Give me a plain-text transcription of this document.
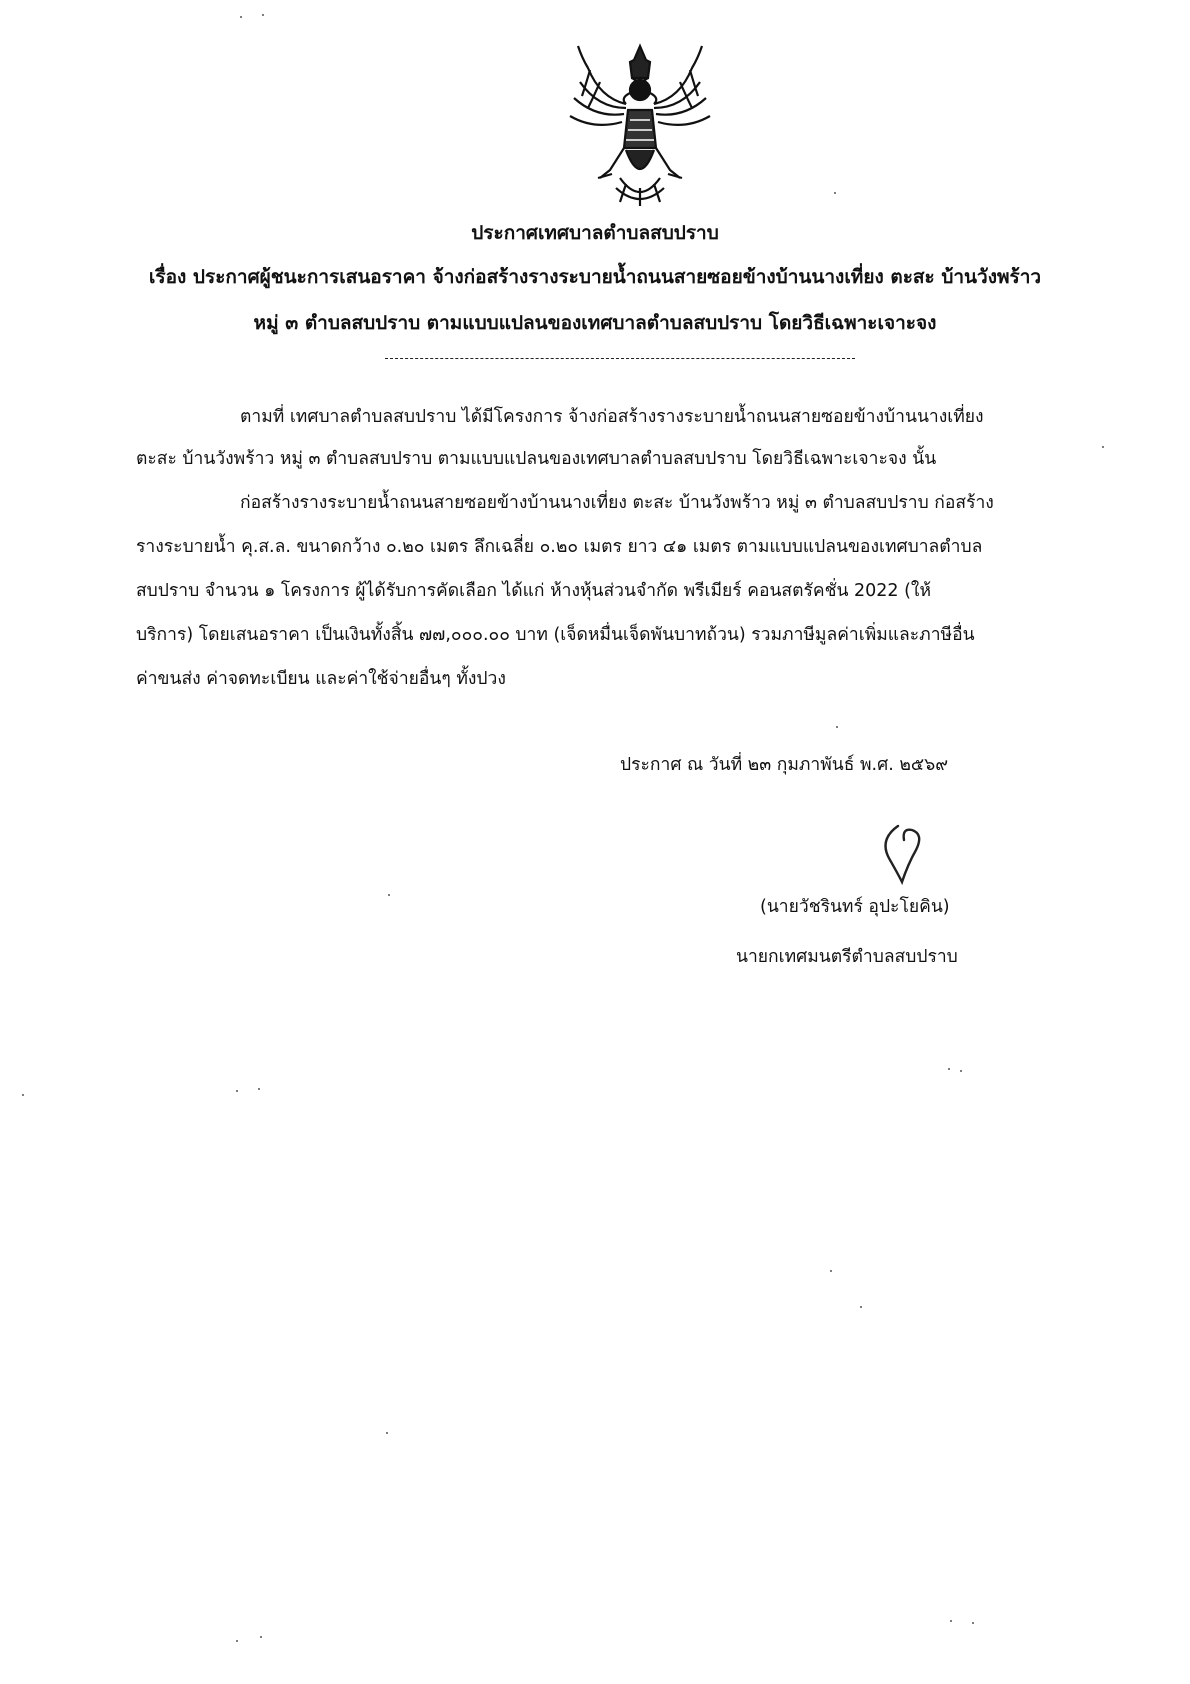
ประกาศเทศบาลตำบลสบปราบ
เรื่อง ประกาศผู้ชนะการเสนอราคา จ้างก่อสร้างรางระบายน้ำถนนสายซอยข้างบ้านนางเที่ยง ตะสะ บ้านวังพร้าว
หมู่ ๓ ตำบลสบปราบ ตามแบบแปลนของเทศบาลตำบลสบปราบ โดยวิธีเฉพาะเจาะจง
ตามที่ เทศบาลตำบลสบปราบ ได้มีโครงการ จ้างก่อสร้างรางระบายน้ำถนนสายซอยข้างบ้านนางเที่ยง
ตะสะ บ้านวังพร้าว หมู่ ๓ ตำบลสบปราบ ตามแบบแปลนของเทศบาลตำบลสบปราบ โดยวิธีเฉพาะเจาะจง นั้น
ก่อสร้างรางระบายน้ำถนนสายซอยข้างบ้านนางเที่ยง ตะสะ บ้านวังพร้าว หมู่ ๓ ตำบลสบปราบ ก่อสร้าง
รางระบายน้ำ คุ.ส.ล. ขนาดกว้าง ๐.๒๐ เมตร ลึกเฉลี่ย ๐.๒๐ เมตร ยาว ๔๑ เมตร ตามแบบแปลนของเทศบาลตำบล
สบปราบ จำนวน ๑ โครงการ ผู้ได้รับการคัดเลือก ได้แก่ ห้างหุ้นส่วนจำกัด พรีเมียร์ คอนสตรัคชั่น 2022 (ให้
บริการ) โดยเสนอราคา เป็นเงินทั้งสิ้น ๗๗,๐๐๐.๐๐ บาท (เจ็ดหมื่นเจ็ดพันบาทถ้วน) รวมภาษีมูลค่าเพิ่มและภาษีอื่น
ค่าขนส่ง ค่าจดทะเบียน และค่าใช้จ่ายอื่นๆ ทั้งปวง
ประกาศ ณ วันที่ ๒๓ กุมภาพันธ์ พ.ศ. ๒๕๖๙
(นายวัชรินทร์ อุปะโยคิน)
นายกเทศมนตรีตำบลสบปราบ
